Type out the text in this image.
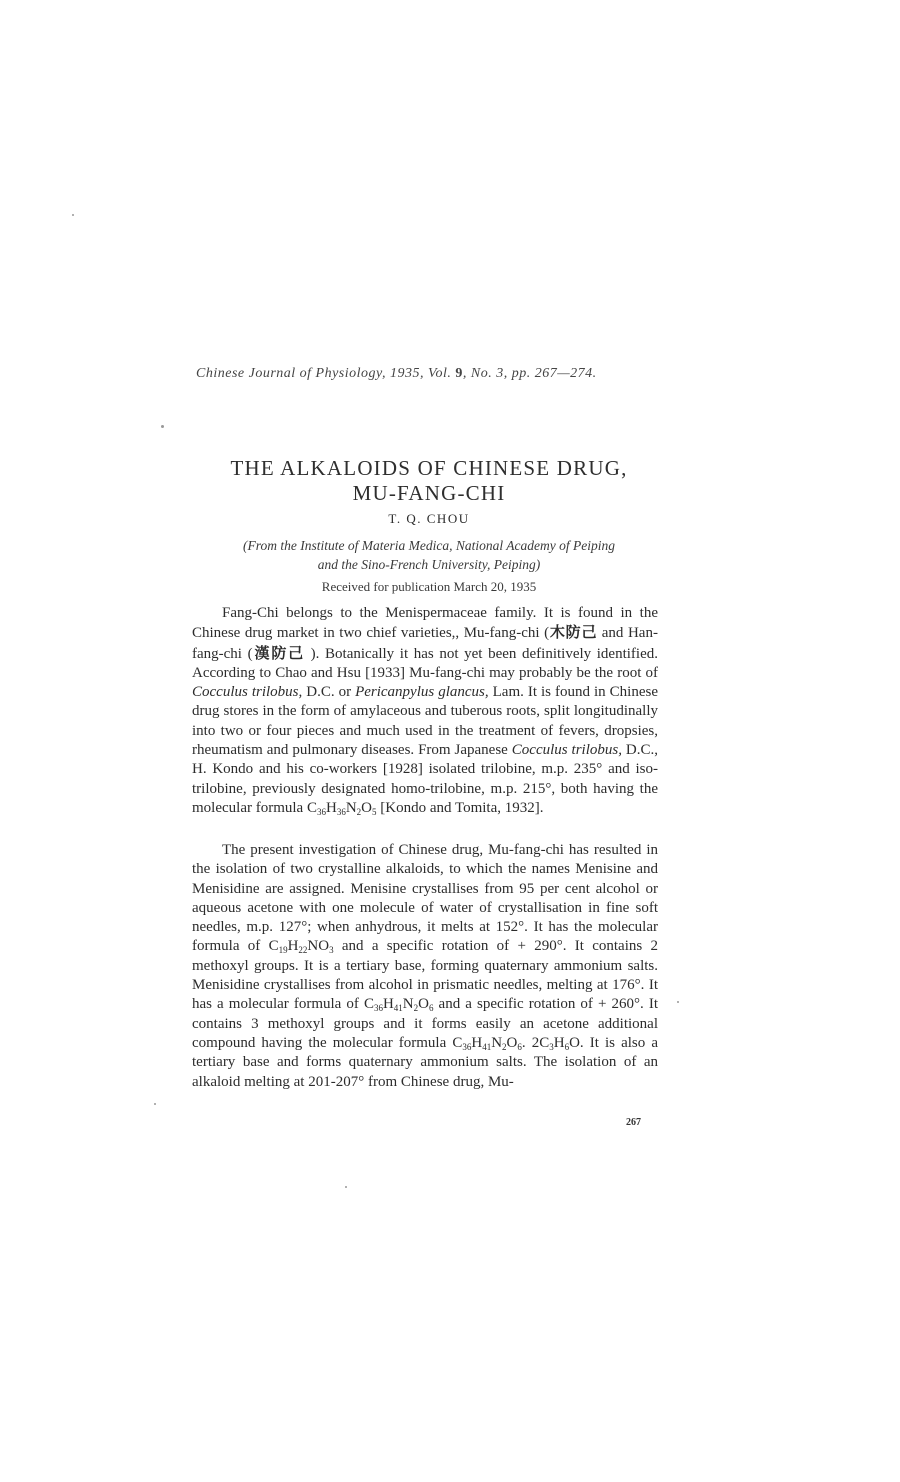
Chinese Journal of Physiology, 1935, Vol. 9, No. 3, pp. 267—274.
THE ALKALOIDS OF CHINESE DRUG,
MU-FANG-CHI
T. Q. CHOU
(From the Institute of Materia Medica, National Academy of Peiping
and the Sino-French University, Peiping)
Received for publication March 20, 1935

Fang-Chi belongs to the Menispermaceae family. It is found in the Chinese drug market in two chief varieties,, Mu-fang-chi (木防己 and Han-fang-chi (漢防己 ). Botanically it has not yet been definitively identified. According to Chao and Hsu [1933] Mu-fang-chi may probably be the root of Cocculus trilobus, D.C. or Pericanpylus glancus, Lam. It is found in Chinese drug stores in the form of amylaceous and tuberous roots, split longitudinally into two or four pieces and much used in the treatment of fevers, dropsies, rheumatism and pulmonary diseases. From Japanese Cocculus trilobus, D.C., H. Kondo and his co-workers [1928] isolated trilobine, m.p. 235° and iso-trilobine, previously designated homo-trilobine, m.p. 215°, both having the molecular formula $C_{36}H_{36}N_2O_5$ [Kondo and Tomita, 1932].

The present investigation of Chinese drug, Mu-fang-chi has resulted in the isolation of two crystalline alkaloids, to which the names Menisine and Menisidine are assigned. Menisine crystallises from 95 per cent alcohol or aqueous acetone with one molecule of water of crystallisation in fine soft needles, m.p. 127°; when anhydrous, it melts at 152°. It has the molecular formula of $C_{19}H_{22}NO_3$ and a specific rotation of + 290°. It contains 2 methoxyl groups. It is a tertiary base, forming quaternary ammonium salts. Menisidine crystallises from alcohol in prismatic needles, melting at 176°. It has a molecular formula of $C_{36}H_{41}N_2O_6$ and a specific rotation of + 260°. It contains 3 methoxyl groups and it forms easily an acetone additional compound having the molecular formula $C_{36}H_{41}N_2O_6$. $2C_3H_6O$. It is also a tertiary base and forms quaternary ammonium salts. The isolation of an alkaloid melting at 201-207° from Chinese drug, Mu-

267
